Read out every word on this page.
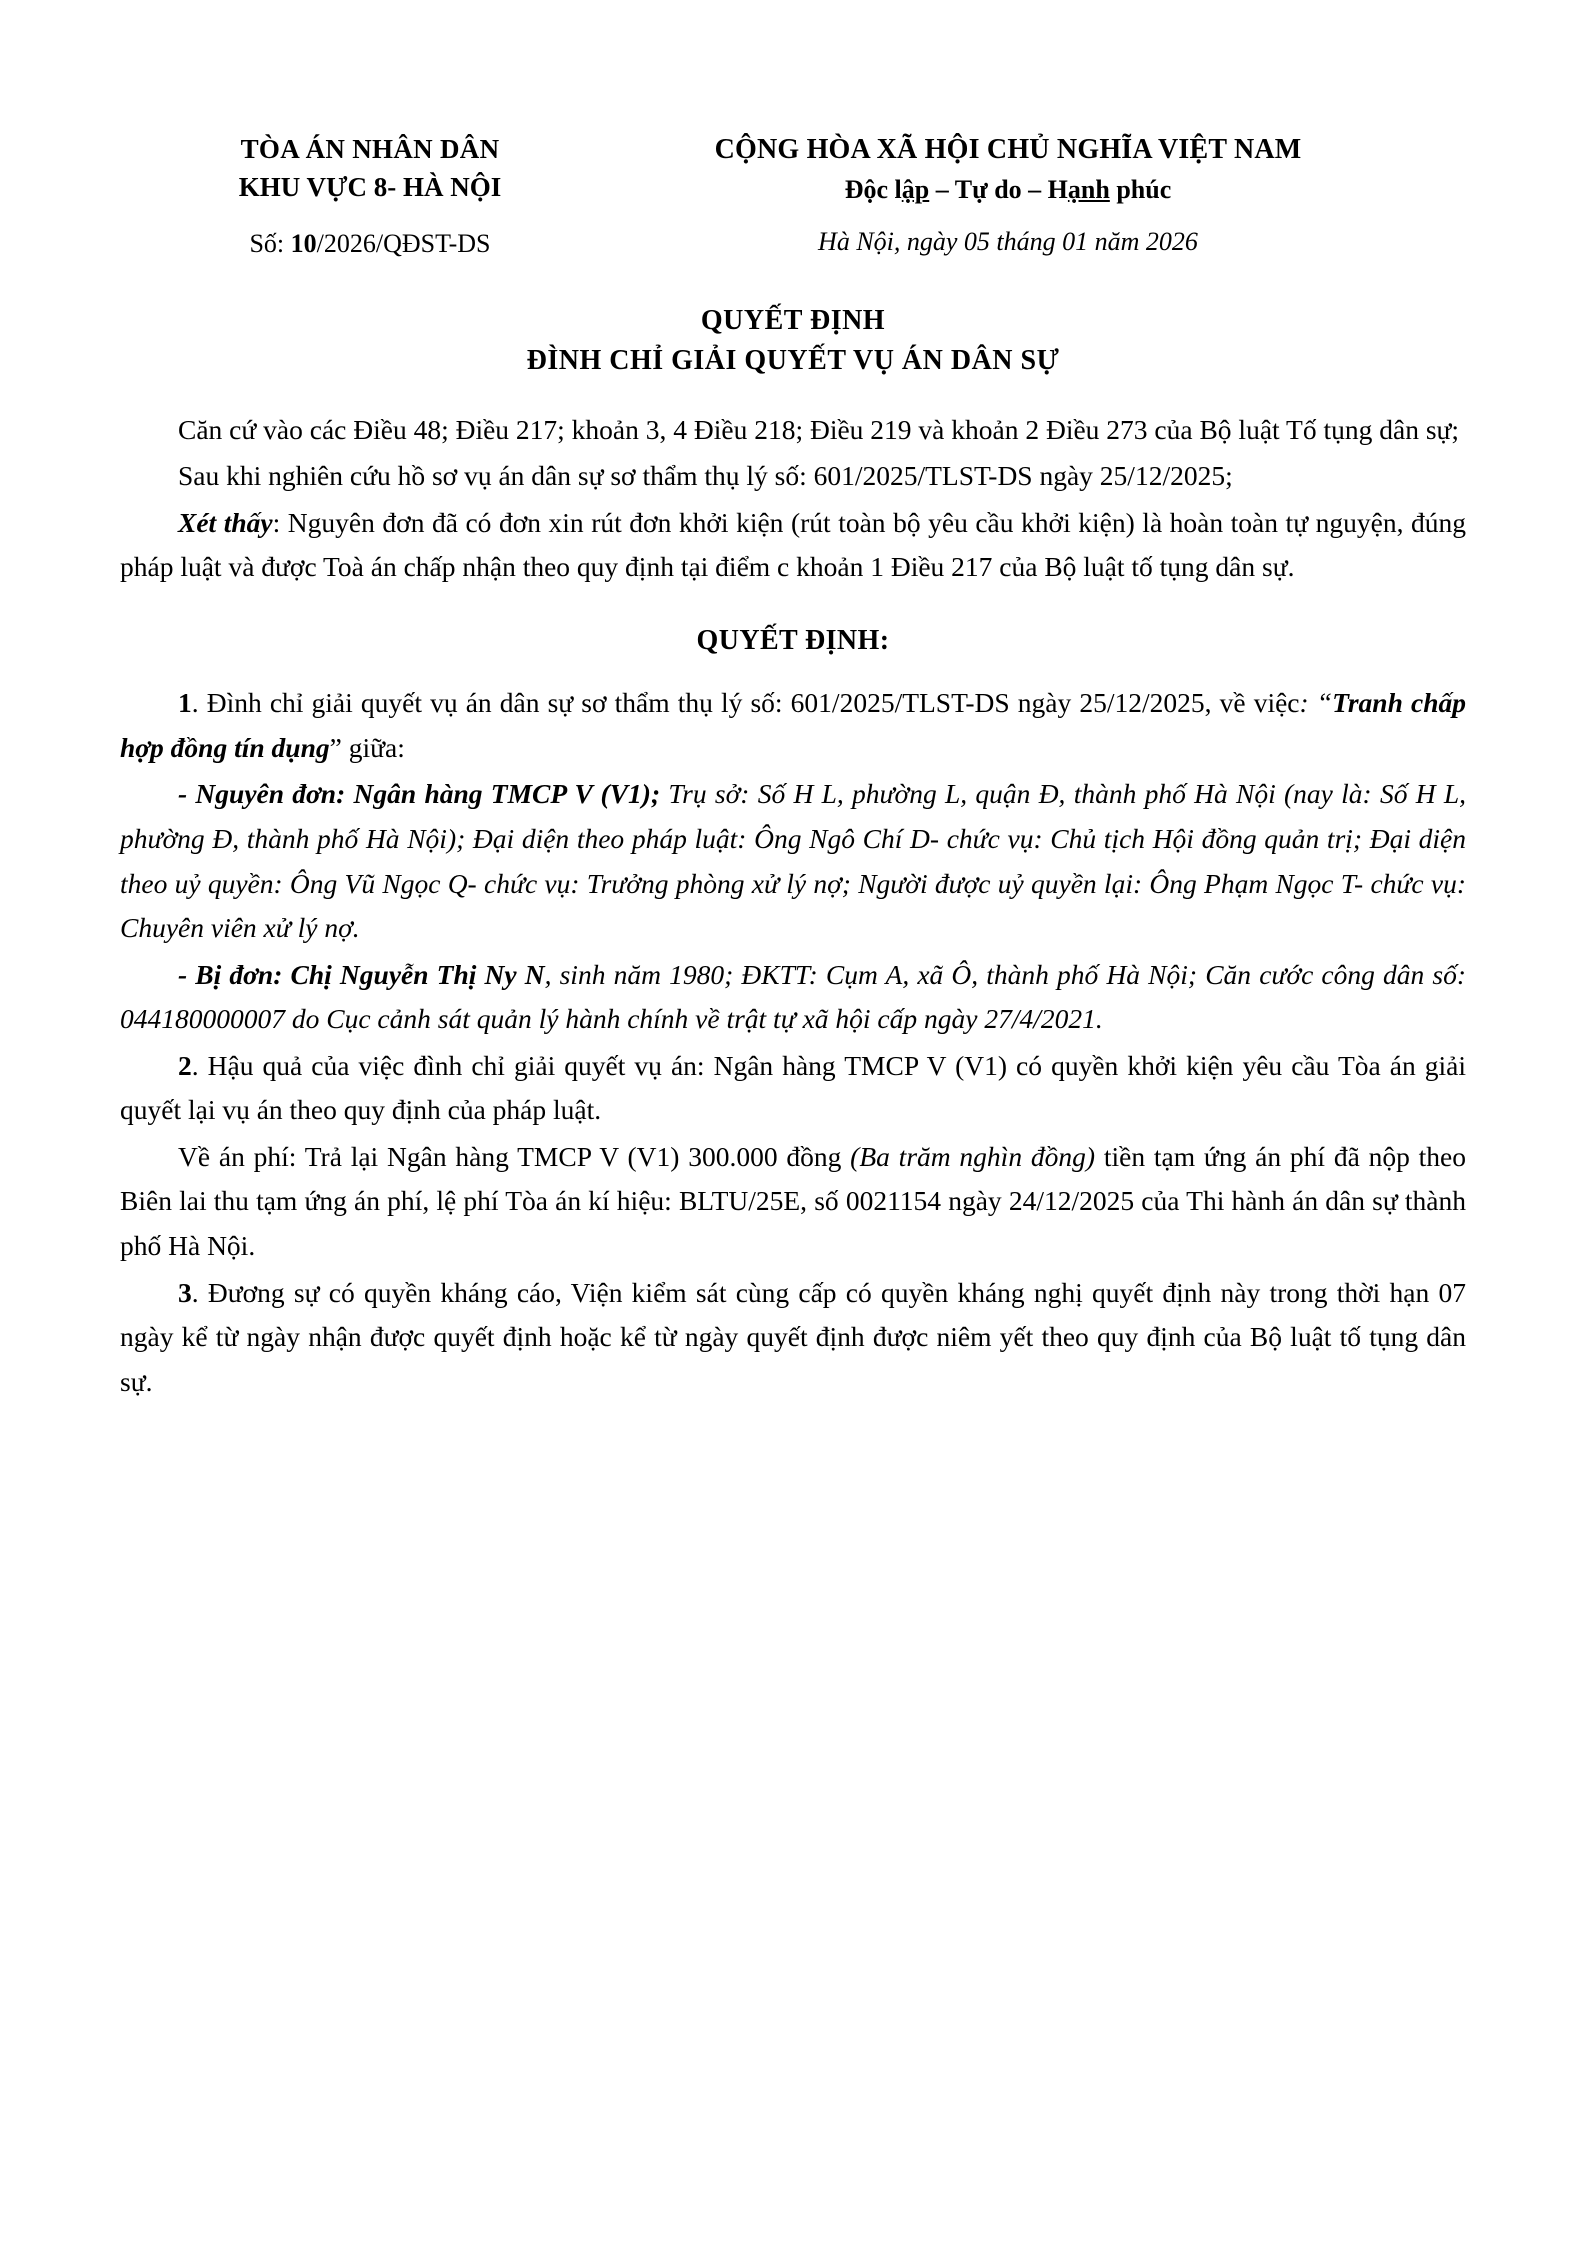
TÒA ÁN NHÂN DÂN
KHU VỰC 8- HÀ NỘI
Số: 10/2026/QĐST-DS
CỘNG HÒA XÃ HỘI CHỦ NGHĨA VIỆT NAM
Độc lập – Tự do – Hạnh phúc
Hà Nội, ngày 05 tháng 01 năm 2026
QUYẾT ĐỊNH
ĐÌNH CHỈ GIẢI QUYẾT VỤ ÁN DÂN SỰ

Căn cứ vào các Điều 48; Điều 217; khoản 3, 4 Điều 218; Điều 219 và khoản 2 Điều 273 của Bộ luật Tố tụng dân sự;

Sau khi nghiên cứu hồ sơ vụ án dân sự sơ thẩm thụ lý số: 601/2025/TLST-DS ngày 25/12/2025;

Xét thấy: Nguyên đơn đã có đơn xin rút đơn khởi kiện (rút toàn bộ yêu cầu khởi kiện) là hoàn toàn tự nguyện, đúng pháp luật và được Toà án chấp nhận theo quy định tại điểm c khoản 1 Điều 217 của Bộ luật tố tụng dân sự.

QUYẾT ĐỊNH:

1. Đình chỉ giải quyết vụ án dân sự sơ thẩm thụ lý số: 601/2025/TLST-DS ngày 25/12/2025, về việc: “Tranh chấp hợp đồng tín dụng” giữa:

- Nguyên đơn: Ngân hàng TMCP V (V1); Trụ sở: Số H L, phường L, quận Đ, thành phố Hà Nội (nay là: Số H L, phường Đ, thành phố Hà Nội); Đại diện theo pháp luật: Ông Ngô Chí D- chức vụ: Chủ tịch Hội đồng quản trị; Đại diện theo uỷ quyền: Ông Vũ Ngọc Q- chức vụ: Trưởng phòng xử lý nợ; Người được uỷ quyền lại: Ông Phạm Ngọc T- chức vụ: Chuyên viên xử lý nợ.

- Bị đơn: Chị Nguyễn Thị Ny N, sinh năm 1980; ĐKTT: Cụm A, xã Ô, thành phố Hà Nội; Căn cước công dân số: 044180000007 do Cục cảnh sát quản lý hành chính về trật tự xã hội cấp ngày 27/4/2021.

2. Hậu quả của việc đình chỉ giải quyết vụ án: Ngân hàng TMCP V (V1) có quyền khởi kiện yêu cầu Tòa án giải quyết lại vụ án theo quy định của pháp luật.

Về án phí: Trả lại Ngân hàng TMCP V (V1) 300.000 đồng (Ba trăm nghìn đồng) tiền tạm ứng án phí đã nộp theo Biên lai thu tạm ứng án phí, lệ phí Tòa án kí hiệu: BLTU/25E, số 0021154 ngày 24/12/2025 của Thi hành án dân sự thành phố Hà Nội.

3. Đương sự có quyền kháng cáo, Viện kiểm sát cùng cấp có quyền kháng nghị quyết định này trong thời hạn 07 ngày kể từ ngày nhận được quyết định hoặc kể từ ngày quyết định được niêm yết theo quy định của Bộ luật tố tụng dân sự.
